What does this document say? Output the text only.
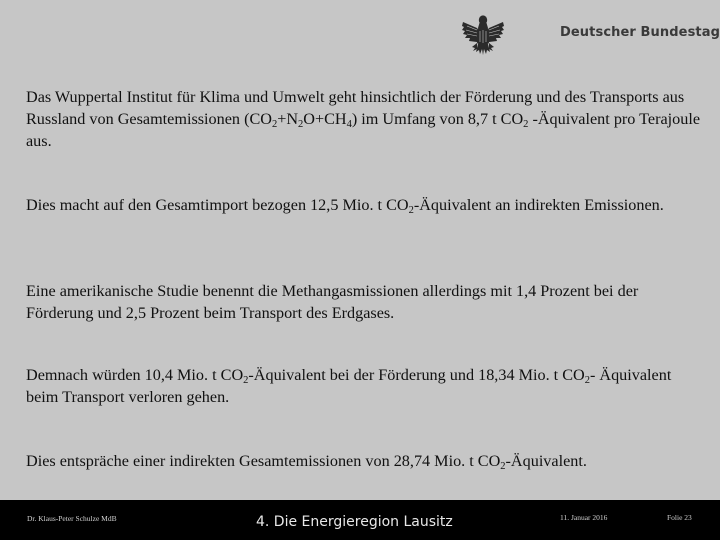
Deutscher Bundestag

Das Wuppertal Institut für Klima und Umwelt geht hinsichtlich der Förderung und des Transports aus Russland von Gesamtemissionen $(CO_2+N_2O+CH_4)$ im Umfang von 8,7 t $CO_2$ -Äquivalent pro Terajoule aus.

Dies macht auf den Gesamtimport bezogen 12,5 Mio. t $CO_2$-Äquivalent an indirekten Emissionen.

Eine amerikanische Studie benennt die Methangasmissionen allerdings mit 1,4 Prozent bei der Förderung und 2,5 Prozent beim Transport des Erdgases.

Demnach würden 10,4 Mio. t $CO_2$-Äquivalent bei der Förderung und 18,34 Mio. t $CO_2-$ Äquivalent beim Transport verloren gehen.

Dies entspräche einer indirekten Gesamtemissionen von 28,74 Mio. t $CO_2$-Äquivalent.

Dr. Klaus-Peter Schulze MdB	4. Die Energieregion Lausitz	11. Januar 2016	Folie 23
